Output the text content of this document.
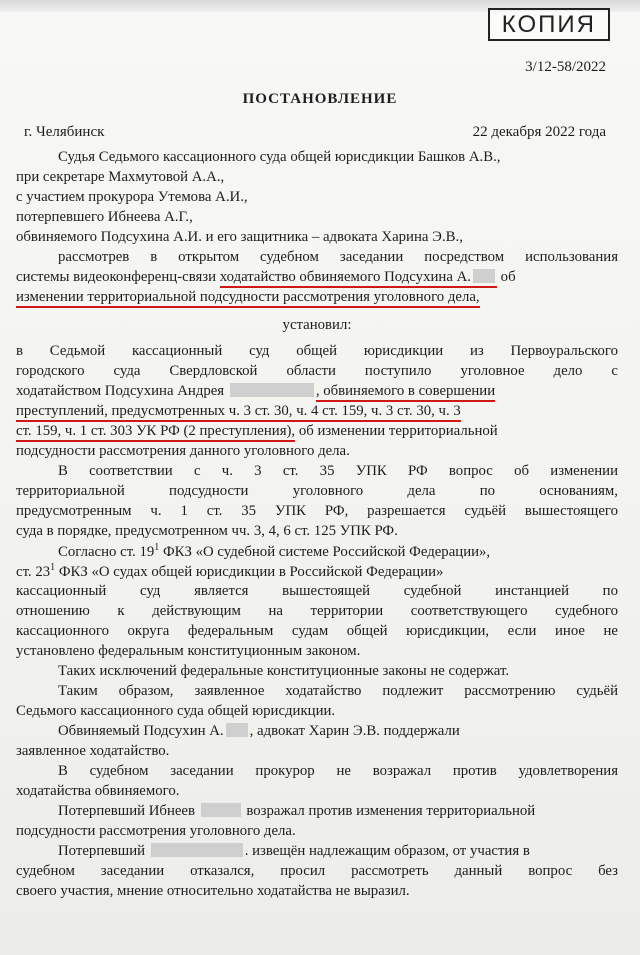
КОПИЯ
3/12-58/2022
ПОСТАНОВЛЕНИЕ
г. Челябинск	22 декабря 2022 года
Судья Седьмого кассационного суда общей юрисдикции Башков А.В.,
при секретаре Махмутовой А.А.,
с участием прокурора Утемова А.И.,
потерпевшего Ибнеева А.Г.,
обвиняемого Подсухина А.И. и его защитника – адвоката Харина Э.В.,
рассмотрев в открытом судебном заседании посредством использования
системы видеоконференц-связи ходатайство обвиняемого Подсухина А. об
изменении территориальной подсудности рассмотрения уголовного дела,
установил:
в Седьмой кассационный суд общей юрисдикции из Первоуральского
городского суда Свердловской области поступило уголовное дело с
ходатайством Подсухина Андрея	, обвиняемого в совершении
преступлений, предусмотренных ч. 3 ст. 30, ч. 4 ст. 159, ч. 3 ст. 30, ч. 3
ст. 159, ч. 1 ст. 303 УК РФ (2 преступления), об изменении территориальной
подсудности рассмотрения данного уголовного дела.
В соответствии с ч. 3 ст. 35 УПК РФ вопрос об изменении
территориальной подсудности уголовного дела по основаниям,
предусмотренным ч. 1 ст. 35 УПК РФ, разрешается судьёй вышестоящего
суда в порядке, предусмотренном чч. 3, 4, 6 ст. 125 УПК РФ.
Согласно ст. $19^1$ ФКЗ «О судебной системе Российской Федерации»,
ст. $23^1$ ФКЗ «О судах общей юрисдикции в Российской Федерации»
кассационный суд является вышестоящей судебной инстанцией по
отношению к действующим на территории соответствующего судебного
кассационного округа федеральным судам общей юрисдикции, если иное не
установлено федеральным конституционным законом.
Таких исключений федеральные конституционные законы не содержат.
Таким образом, заявленное ходатайство подлежит рассмотрению судьёй
Седьмого кассационного суда общей юрисдикции.
Обвиняемый Подсухин А. , адвокат Харин Э.В. поддержали
заявленное ходатайство.
В судебном заседании прокурор не возражал против удовлетворения
ходатайства обвиняемого.
Потерпевший Ибнеев	возражал против изменения территориальной
подсудности рассмотрения уголовного дела.
Потерпевший	. извещён надлежащим образом, от участия в
судебном заседании отказался, просил рассмотреть данный вопрос без
своего участия, мнение относительно ходатайства не выразил.
